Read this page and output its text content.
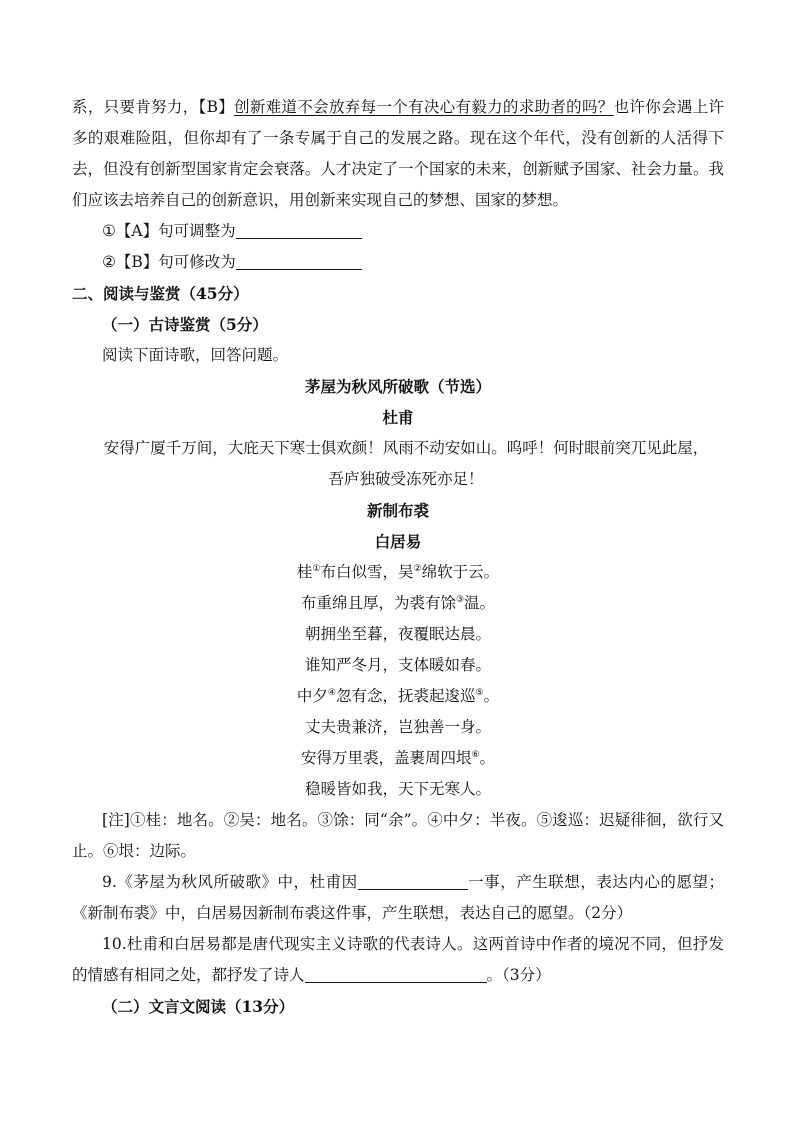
系，只要肯努力，【B】创新难道不会放弃每一个有决心有毅力的求助者的吗？也许你会遇上许多的艰难险阻，但你却有了一条专属于自己的发展之路。现在这个年代，没有创新的人活得下去，但没有创新型国家肯定会衰落。人才决定了一个国家的未来，创新赋予国家、社会力量。我们应该去培养自己的创新意识，用创新来实现自己的梦想、国家的梦想。

①【A】句可调整为

②【B】句可修改为

二、阅读与鉴赏（45分）

（一）古诗鉴赏（5分）

阅读下面诗歌，回答问题。

茅屋为秋风所破歌（节选）

杜甫

安得广厦千万间，大庇天下寒士俱欢颜！风雨不动安如山。呜呼！何时眼前突兀见此屋，吾庐独破受冻死亦足！

新制布裘

白居易

桂①布白似雪，吴②绵软于云。

布重绵且厚，为裘有馀③温。

朝拥坐至暮，夜覆眠达晨。

谁知严冬月，支体暖如春。

中夕④忽有念，抚裘起逡巡⑤。

丈夫贵兼济，岂独善一身。

安得万里裘，盖裹周四垠⑥。

稳暖皆如我，天下无寒人。

[注]①桂：地名。②吴：地名。③馀：同“余”。④中夕：半夜。⑤逡巡：迟疑徘徊，欲行又止。⑥垠：边际。

9.《茅屋为秋风所破歌》中，杜甫因	一事，产生联想，表达内心的愿望；《新制布裘》中，白居易因新制布裘这件事，产生联想，表达自己的愿望。（2分）

10.杜甫和白居易都是唐代现实主义诗歌的代表诗人。这两首诗中作者的境况不同，但抒发的情感有相同之处，都抒发了诗人	。（3分）

（二）文言文阅读（13分）
